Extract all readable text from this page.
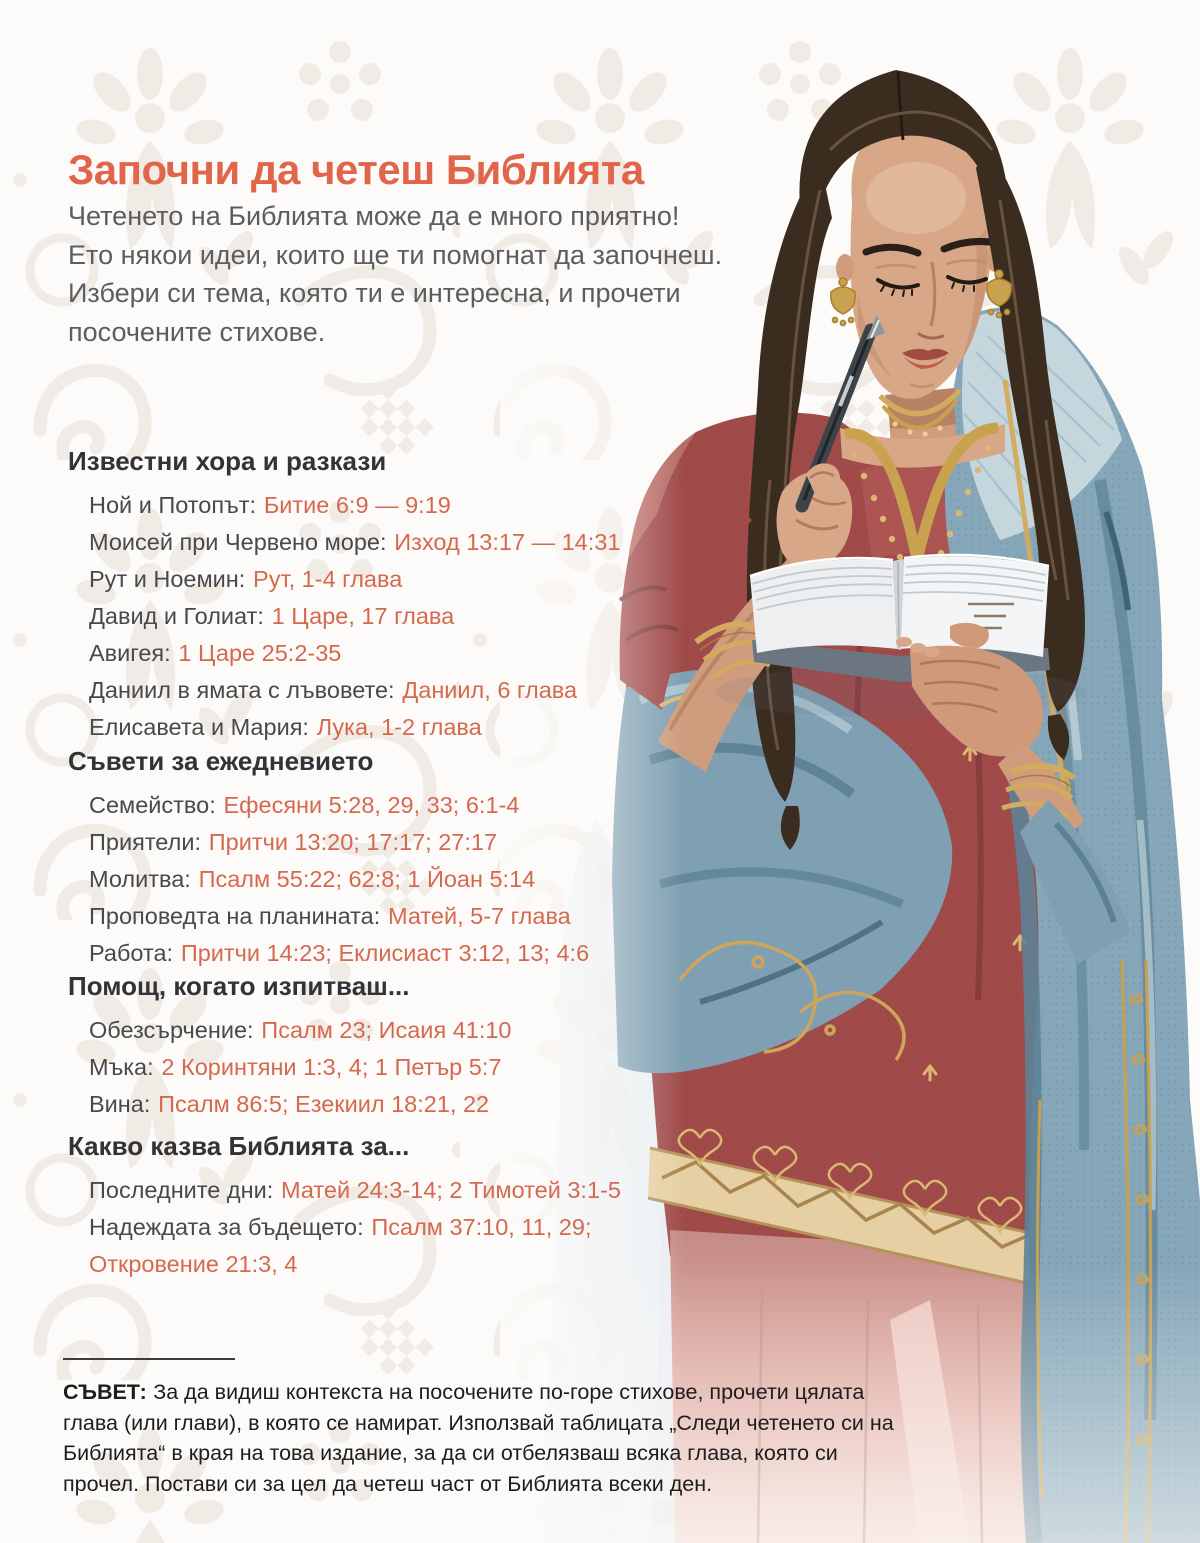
Започни да четеш Библията
Четенето на Библията може да е много приятно!
Ето някои идеи, които ще ти помогнат да започнеш.
Избери си тема, която ти е интересна, и прочети
посочените стихове.
Известни хора и разкази
Ной и Потопът: Битие 6:9 — 9:19
Моисей при Червено море: Изход 13:17 — 14:31
Рут и Ноемин: Рут, 1-4 глава
Давид и Голиат: 1 Царе, 17 глава
Авигея: 1 Царе 25:2-35
Даниил в ямата с лъвовете: Даниил, 6 глава
Елисавета и Мария: Лука, 1-2 глава
Съвети за ежедневието
Семейство: Ефесяни 5:28, 29, 33; 6:1-4
Приятели: Притчи 13:20; 17:17; 27:17
Молитва: Псалм 55:22; 62:8; 1 Йоан 5:14
Проповедта на планината: Матей, 5-7 глава
Работа: Притчи 14:23; Еклисиаст 3:12, 13; 4:6
Помощ, когато изпитваш...
Обезсърчение: Псалм 23; Исаия 41:10
Мъка: 2 Коринтяни 1:3, 4; 1 Петър 5:7
Вина: Псалм 86:5; Езекиил 18:21, 22
Какво казва Библията за...
Последните дни: Матей 24:3-14; 2 Тимотей 3:1-5
Надеждата за бъдещето: Псалм 37:10, 11, 29;
Откровение 21:3, 4

СЪВЕТ: За да видиш контекста на посочените по-горе стихове, прочети цялата глава (или глави), в която се намират. Използвай таблицата „Следи четенето си на Библията“ в края на това издание, за да си отбелязваш всяка глава, която си прочел. Постави си за цел да четеш част от Библията всеки ден.
